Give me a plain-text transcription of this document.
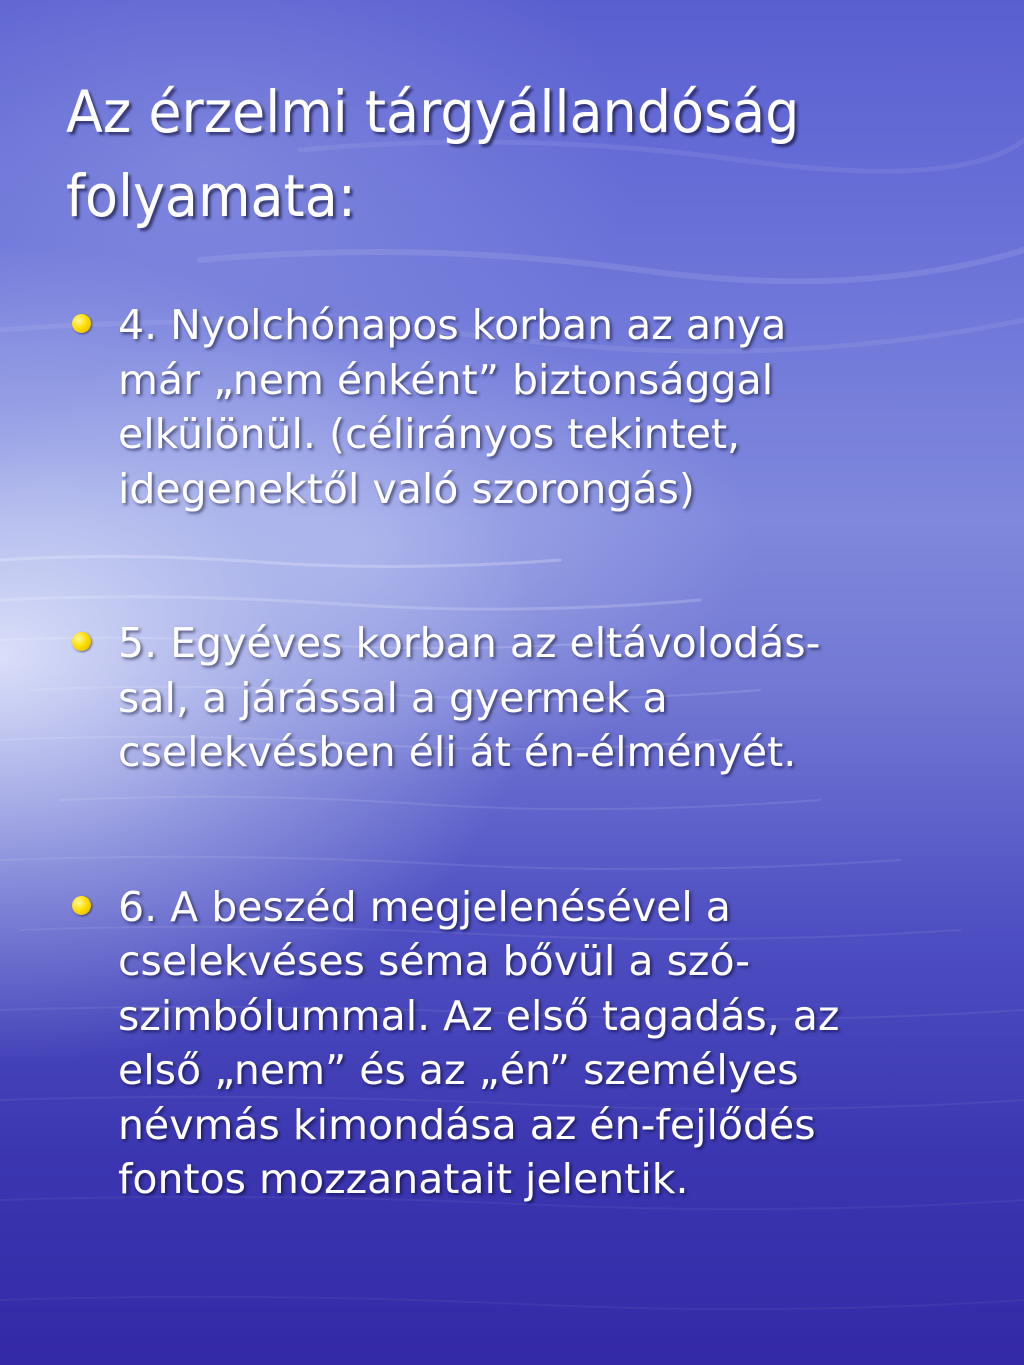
Az érzelmi tárgyállandóság
folyamata:
4. Nyolchónapos korban az anya
már „nem énként” biztonsággal
elkülönül. (célirányos tekintet,
idegenektől való szorongás)
5. Egyéves korban az eltávolodás-
sal, a járással a gyermek a
cselekvésben éli át én-élményét.
6. A beszéd megjelenésével a
cselekvéses séma bővül a szó-
szimbólummal. Az első tagadás, az
első „nem” és az „én” személyes
névmás kimondása az én-fejlődés
fontos mozzanatait jelentik.
